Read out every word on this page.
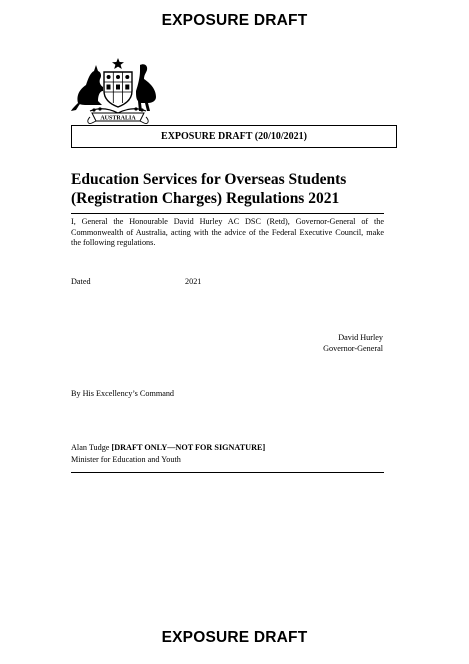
EXPOSURE DRAFT
AUSTRALIA
EXPOSURE DRAFT (20/10/2021)
Education Services for Overseas Students
(Registration Charges) Regulations 2021
I, General the Honourable David Hurley AC DSC (Retd), Governor-General of the Commonwealth of Australia, acting with the advice of the Federal Executive Council, make the following regulations.
Dated	2021
David Hurley
Governor-General
By His Excellency’s Command
Alan Tudge [DRAFT ONLY—NOT FOR SIGNATURE]
Minister for Education and Youth
EXPOSURE DRAFT
